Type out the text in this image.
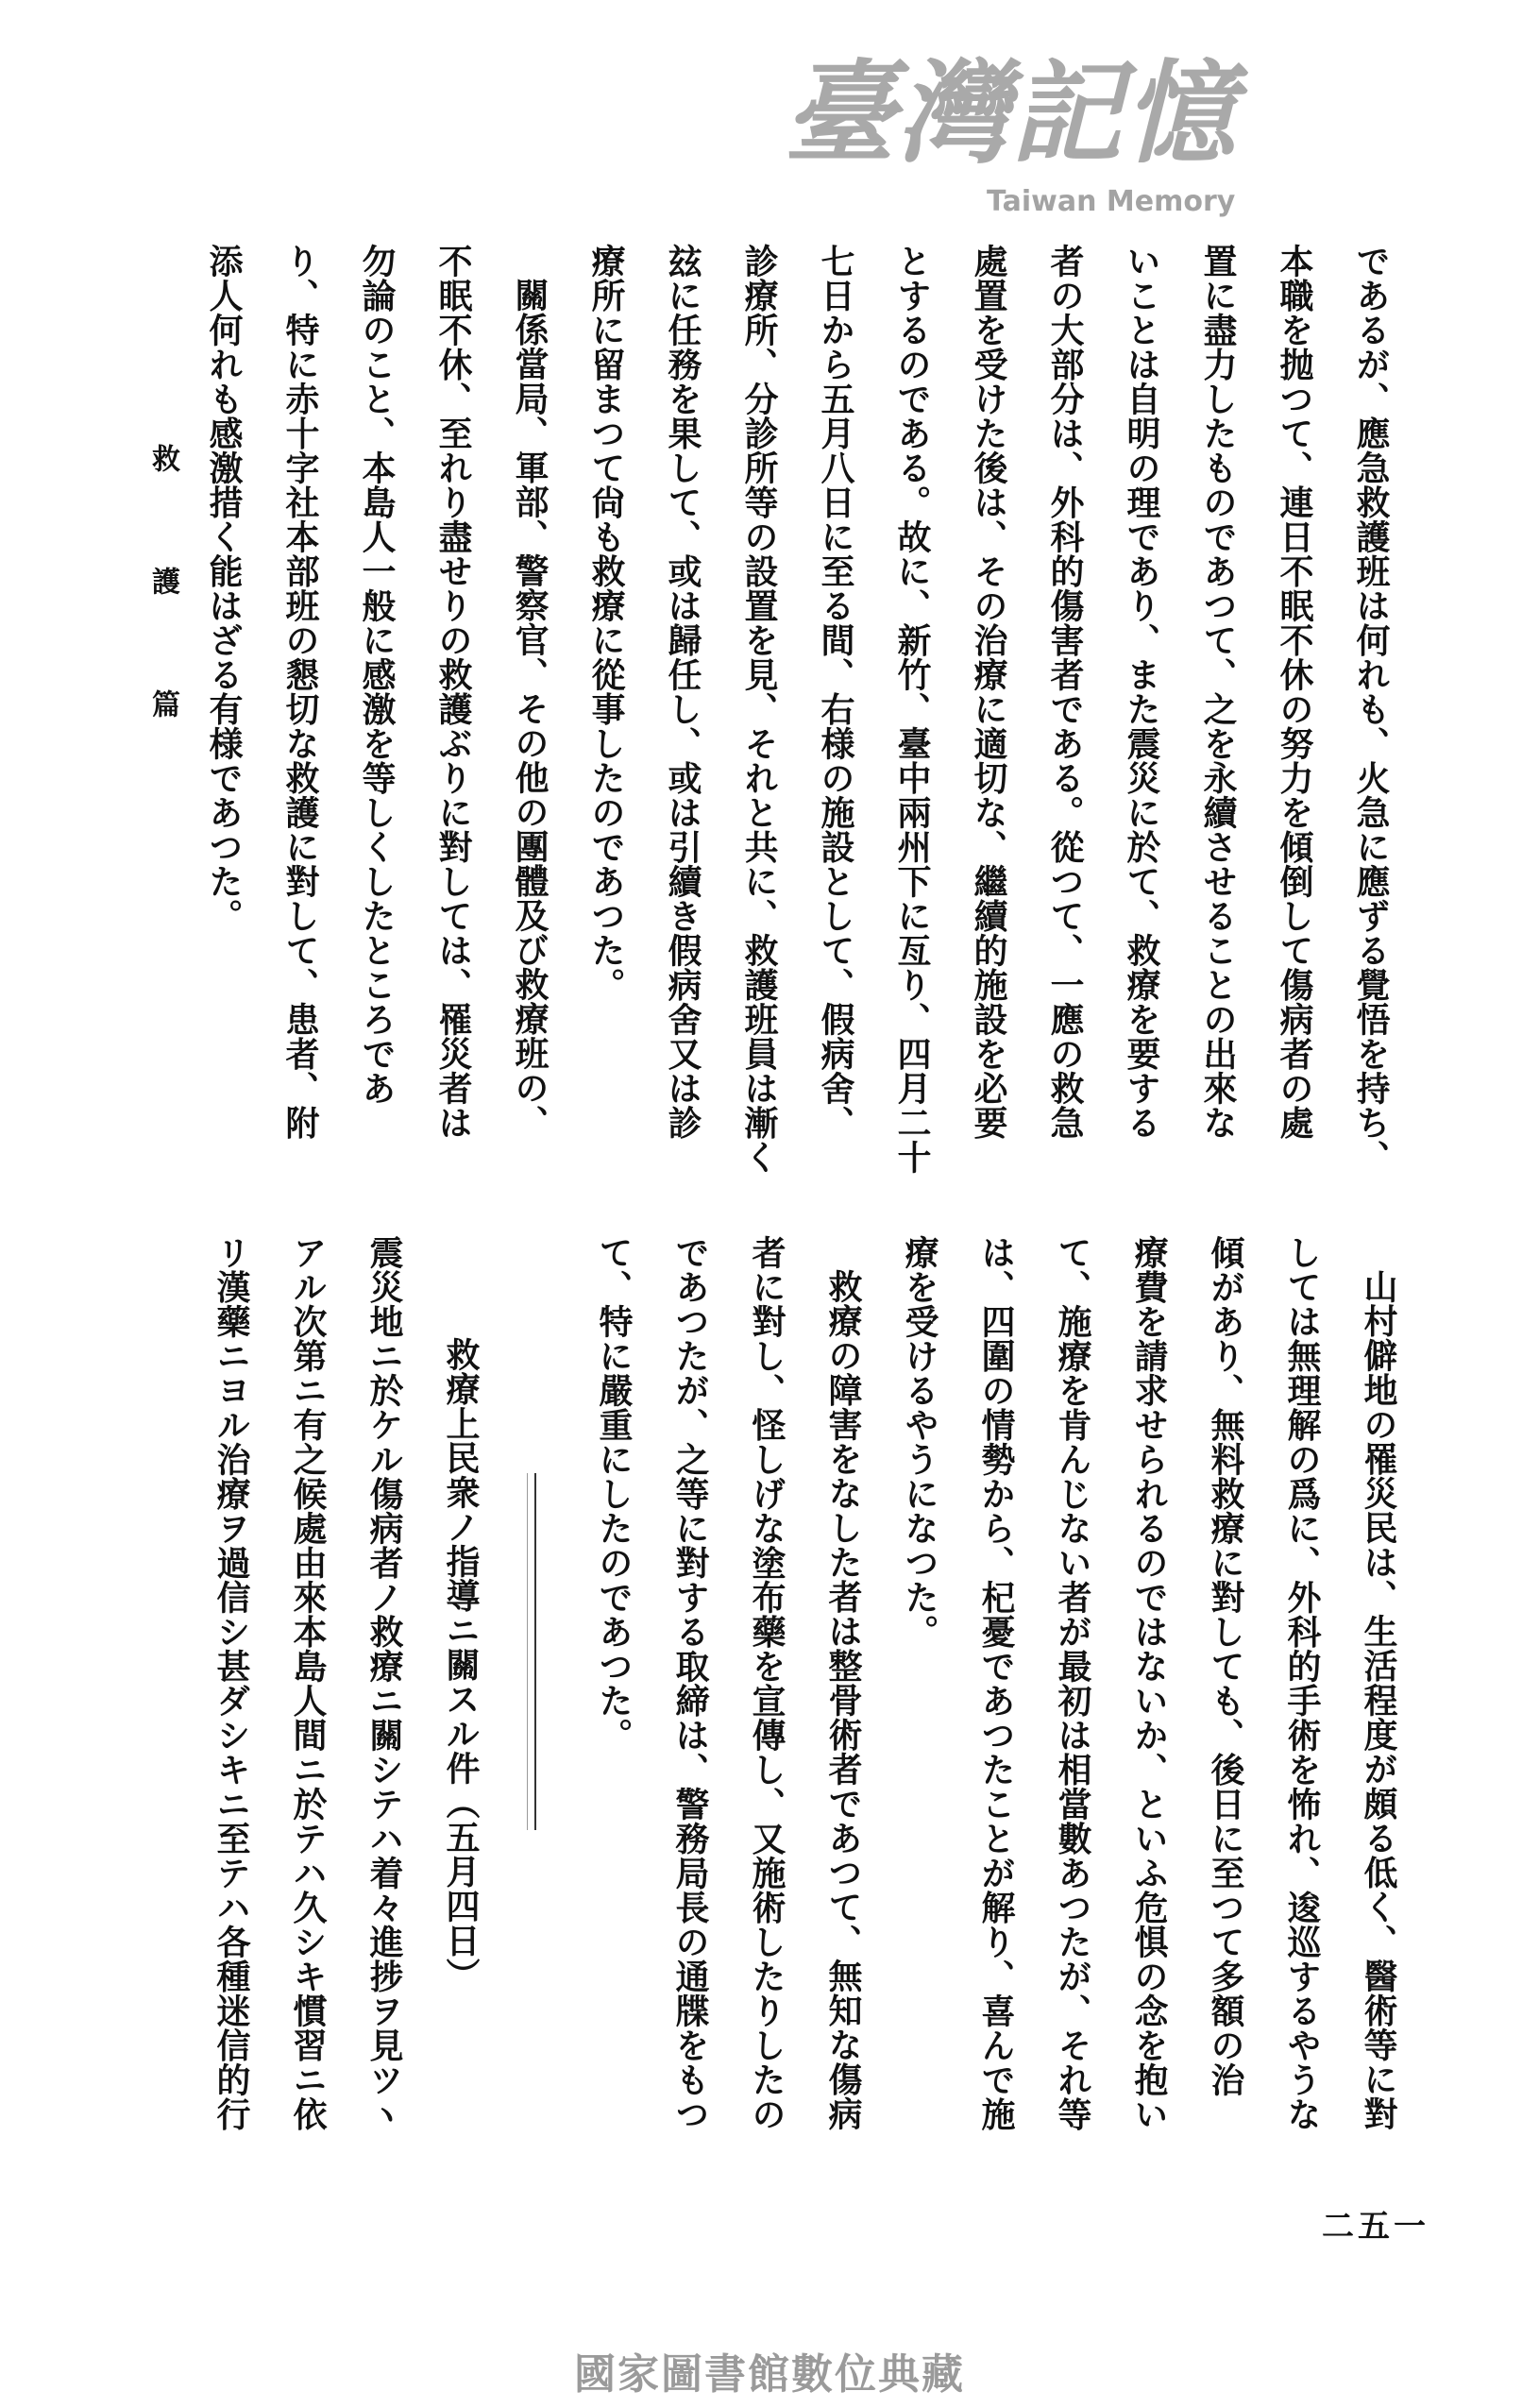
救護篇
臺灣記憶
Taiwan Memory
であるが、應急救護班は何れも、火急に應ずる覺悟を持ち、
本職を抛つて、連日不眠不休の努力を傾倒して傷病者の處
置に盡力したものであつて、之を永續させることの出來な
いことは自明の理であり、また震災に於て、救療を要する
者の大部分は、外科的傷害者である。從つて、一應の救急
處置を受けた後は、その治療に適切な、繼續的施設を必要
とするのである。故に、新竹、臺中兩州下に亙り、四月二十
七日から五月八日に至る間、右様の施設として、假病舍、
診療所、分診所等の設置を見、それと共に、救護班員は漸く
玆に任務を果して、或は歸任し、或は引續き假病舍又は診
療所に留まつて尙も救療に從事したのであつた。
關係當局、軍部、警察官、その他の團體及び救療班の、
不眠不休、至れり盡せりの救護ぶりに對しては、罹災者は
勿論のこと、本島人一般に感激を等しくしたところであ
り、特に赤十字社本部班の懇切な救護に對して、患者、附
添人何れも感激措く能はざる有様であつた。
山村僻地の罹災民は、生活程度が頗る低く、醫術等に對
しては無理解の爲に、外科的手術を怖れ、逡巡するやうな
傾があり、無料救療に對しても、後日に至つて多額の治
療費を請求せられるのではないか、といふ危惧の念を抱い
て、施療を肯んじない者が最初は相當數あつたが、それ等
は、四圍の情勢から、杞憂であつたことが解り、喜んで施
療を受けるやうになつた。
救療の障害をなした者は整骨術者であつて、無知な傷病
者に對し、怪しげな塗布藥を宣傳し、又施術したりしたの
であつたが、之等に對する取締は、警務局長の通牒をもつ
て、特に嚴重にしたのであつた。
救療上民衆ノ指導ニ關スル件（五月四日）
震災地ニ於ケル傷病者ノ救療ニ關シテハ着々進捗ヲ見ツヽ
アル次第ニ有之候處由來本島人間ニ於テハ久シキ慣習ニ依
リ漢藥ニヨル治療ヲ過信シ甚ダシキニ至テハ各種迷信的行
二五一
國家圖書館數位典藏
